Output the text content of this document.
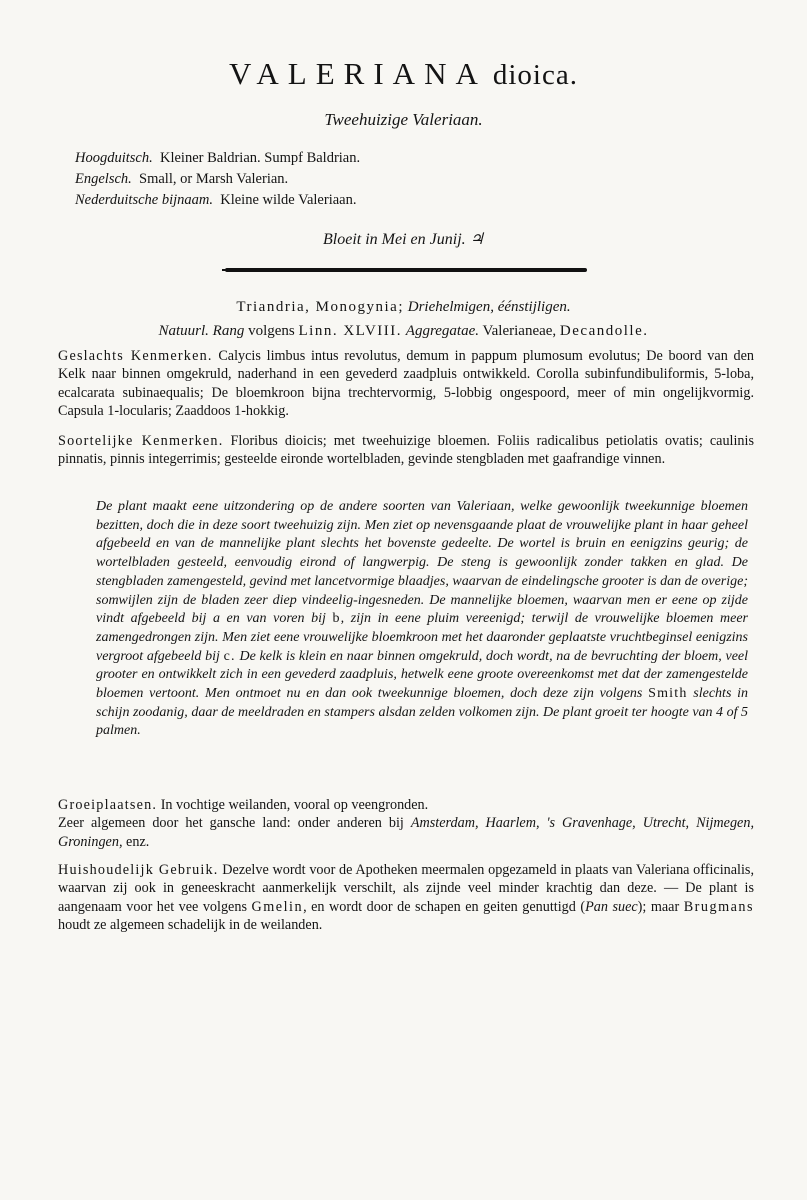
VALERIANA dioica.
Tweehuizige Valeriaan.
Hoogduitsch. Kleiner Baldrian. Sumpf Baldrian.
Engelsch. Small, or Marsh Valerian.
Nederduitsche bijnaam. Kleine wilde Valeriaan.
Bloeit in Mei en Junij. ♃
Triandria, Monogynia; Driehelmigen, éénstijligen.
Natuurl. Rang volgens Linn. XLVIII. Aggregatae. Valerianeae, Decandolle.
Geslachts Kenmerken. Calycis limbus intus revolutus, demum in pappum plumosum evolutus; De boord van den Kelk naar binnen omgekruld, naderhand in een gevederd zaadpluis ontwikkeld. Corolla subinfundibuliformis, 5-loba, ecalcarata subinaequalis; De bloemkroon bijna trechtervormig, 5-lobbig ongespoord, meer of min ongelijkvormig. Capsula 1-locularis; Zaaddoos 1-hokkig.
Soortelijke Kenmerken. Floribus dioicis; met tweehuizige bloemen. Foliis radicalibus petiolatis ovatis; caulinis pinnatis, pinnis integerrimis; gesteelde eironde wortelbladen, gevinde stengbladen met gaafrandige vinnen.
De plant maakt eene uitzondering op de andere soorten van Valeriaan, welke gewoonlijk tweekunnige bloemen bezitten, doch die in deze soort tweehuizig zijn. Men ziet op nevensgaande plaat de vrouwelijke plant in haar geheel afgebeeld en van de mannelijke plant slechts het bovenste gedeelte. De wortel is bruin en eenigzins geurig; de wortelbladen gesteeld, eenvoudig eirond of langwerpig. De steng is gewoonlijk zonder takken en glad. De stengbladen zamengesteld, gevind met lancetvormige blaadjes, waarvan de eindelingsche grooter is dan de overige; somwijlen zijn de bladen zeer diep vindeelig-ingesneden. De mannelijke bloemen, waarvan men er eene op zijde vindt afgebeeld bij a en van voren bij b, zijn in eene pluim vereenigd; terwijl de vrouwelijke bloemen meer zamengedrongen zijn. Men ziet eene vrouwelijke bloemkroon met het daaronder geplaatste vruchtbeginsel eenigzins vergroot afgebeeld bij c. De kelk is klein en naar binnen omgekruld, doch wordt, na de bevruchting der bloem, veel grooter en ontwikkelt zich in een gevederd zaadpluis, hetwelk eene groote overeenkomst met dat der zamengestelde bloemen vertoont. Men ontmoet nu en dan ook tweekunnige bloemen, doch deze zijn volgens Smith slechts in schijn zoodanig, daar de meeldraden en stampers alsdan zelden volkomen zijn. De plant groeit ter hoogte van 4 of 5 palmen.
Groeiplaatsen. In vochtige weilanden, vooral op veengronden.
Zeer algemeen door het gansche land: onder anderen bij Amsterdam, Haarlem, 's Gravenhage, Utrecht, Nijmegen, Groningen, enz.
Huishoudelijk Gebruik. Dezelve wordt voor de Apotheken meermalen opgezameld in plaats van Valeriana officinalis, waarvan zij ook in geneeskracht aanmerkelijk verschilt, als zijnde veel minder krachtig dan deze. — De plant is aangenaam voor het vee volgens Gmelin, en wordt door de schapen en geiten genuttigd (Pan suec); maar Brugmans houdt ze algemeen schadelijk in de weilanden.
